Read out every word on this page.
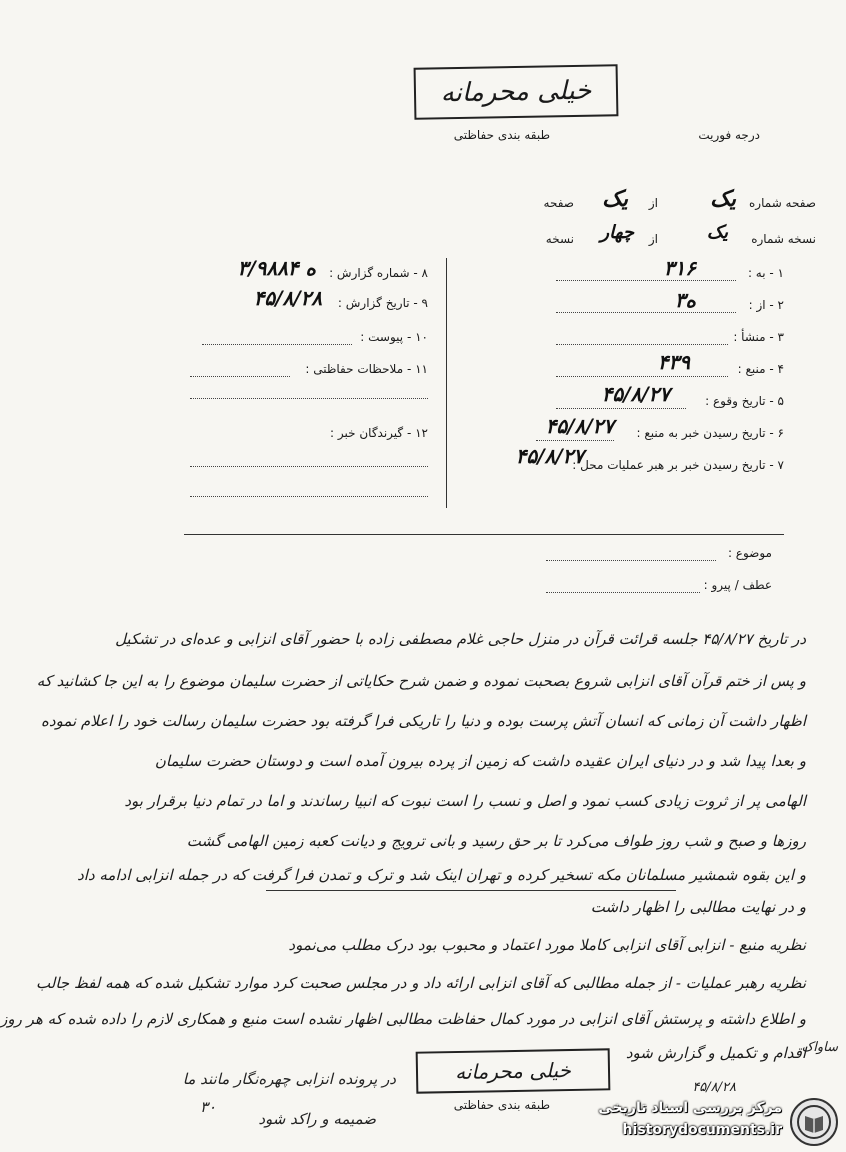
خیلی محرمانه
درجه فوریت
طبقه بندی حفاظتی
صفحه شماره
یک
از
یک
صفحه
نسخه شماره
یک
از
چهار
نسخه
۱ - به :
۳۱۶
۲ - از :
ه۳
۳ - منشأ :
۴ - منبع :
۴۳۹
۵ - تاریخ وقوع :
۴۵/۸/۲۷
۶ - تاریخ رسیدن خبر به منبع :
۴۵/۸/۲۷
۷ - تاریخ رسیدن خبر بر هبر عملیات محل :
۴۵/۸/۲۷
۸ - شماره گزارش :
۳/۹۸۸۴ ه
۹ - تاریخ گزارش :
۴۵/۸/۲۸
۱۰ - پیوست :
۱۱ - ملاحظات حفاظتی :
۱۲ - گیرندگان خبر :
موضوع :
عطف / پیرو :
در تاریخ ۴۵/۸/۲۷ جلسه قرائت قرآن در منزل حاجی غلام مصطفی زاده با حضور آقای انزابی و عده‌ای در تشکیل
و پس از ختم قرآن آقای انزابی شروع بصحبت نموده و ضمن شرح حکایاتی از حضرت سلیمان موضوع را به این جا کشانید که
اظهار داشت آن زمانی که انسان آتش پرست بوده و دنیا را تاریکی فرا گرفته بود حضرت سلیمان رسالت خود را اعلام نموده
و بعدا پیدا شد و در دنیای ایران عقیده داشت که زمین از پرده بیرون آمده است و دوستان حضرت سلیمان
الهامی پر از ثروت زیادی کسب نمود و اصل و نسب را است نبوت که انبیا رساندند و اما در تمام دنیا برقرار بود
روزها و صبح و شب روز طواف می‌کرد تا بر حق رسید و بانی ترویج و دیانت کعبه زمین الهامی گشت
و این بقوه شمشیر مسلمانان مکه تسخیر کرده و تهران اینک شد و ترک و تمدن فرا گرفت که در جمله انزابی ادامه داد
و در نهایت مطالبی را اظهار داشت
نظریه منبع - انزابی آقای انزابی کاملا مورد اعتماد و محبوب بود درک مطلب می‌نمود
نظریه رهبر عملیات - از جمله مطالبی که آقای انزابی ارائه داد و در مجلس صحبت کرد موارد تشکیل شده که همه لفظ جالب
و اطلاع داشته و پرستش آقای انزابی در مورد کمال حفاظت مطالبی اظهار نشده است منبع و همکاری لازم را داده شده که هر روز
اقدام و تکمیل و گزارش شود
خیلی محرمانه
طبقه بندی حفاظتی
در پرونده انزابی چهره‌نگار مانند ما
ضمیمه و راکد شود
۳۰
۴۵/۸/۲۸
ساواک
مرکز بررسی اسناد تاریخی
historydocuments.ir
